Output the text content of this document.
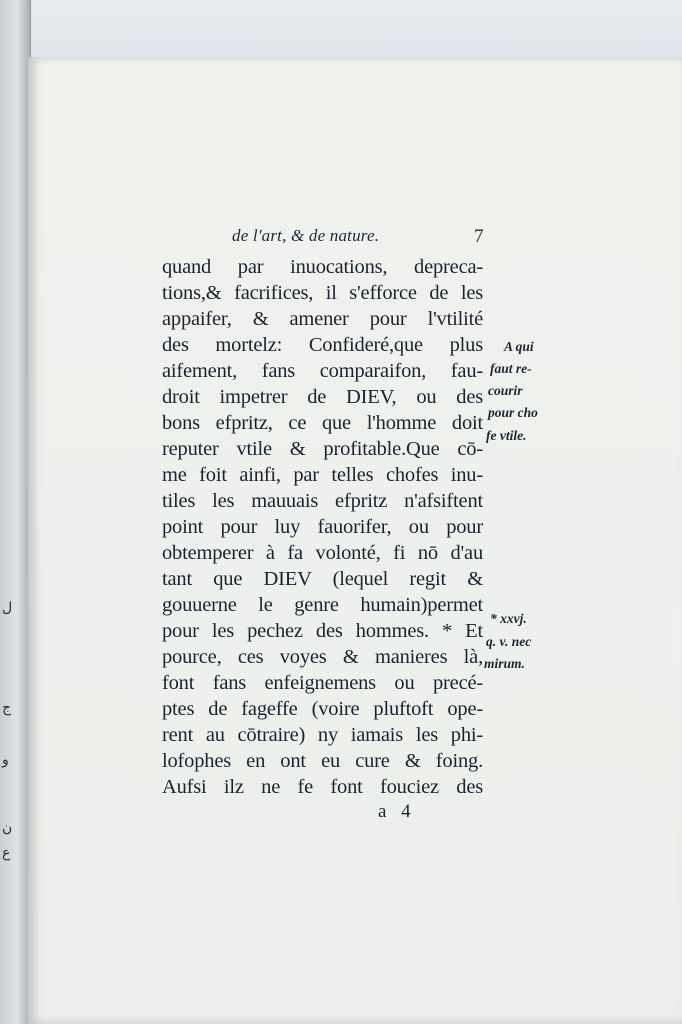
ل
ج
و
ن
ع
de l'art, & de nature.	7
quand par inuocations, depreca-
tions,& facrifices, il s'efforce de les
appaifer, & amener pour l'vtilité
des mortelz: Confideré,que plus
aifement, fans comparaifon, fau-
droit impetrer de DIEV, ou des
bons efpritz, ce que l'homme doit
reputer vtile & profitable.Que cō-
me foit ainfi, par telles chofes inu-
tiles les mauuais efpritz n'afsiftent
point pour luy fauorifer, ou pour
obtemperer à fa volonté, fi nō d'au
tant que DIEV (lequel regit &
gouuerne le genre humain)permet
pour les pechez des hommes. * Et
pource, ces voyes & manieres là,
font fans enfeignemens ou precé-
ptes de fageffe (voire pluftoft ope-
rent au cōtraire) ny iamais les phi-
lofophes en ont eu cure & foing.
Aufsi ilz ne fe font fouciez des
A qui
faut re-
courir
pour cho
fe vtile.
* xxvj.
q. v. nec
mirum.
a 4
